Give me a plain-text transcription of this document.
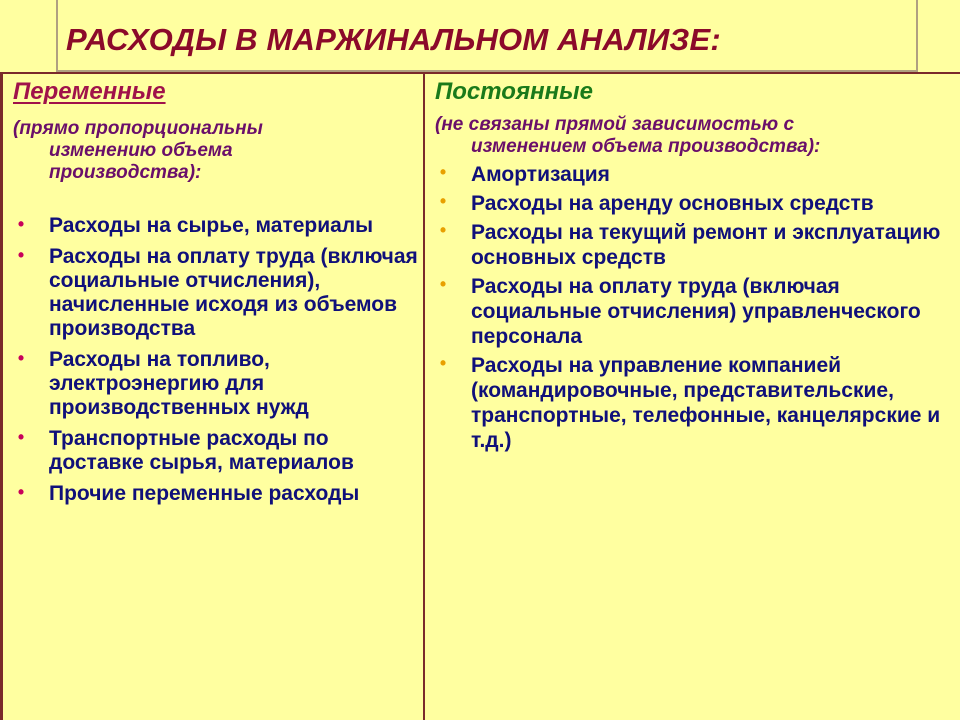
РАСХОДЫ В МАРЖИНАЛЬНОМ АНАЛИЗЕ:
Переменные

(прямо пропорциональны
изменению объема
производства):

•	Расходы на сырье, материалы
•	Расходы на оплату труда (включая социальные отчисления), начисленные исходя из объемов производства
•	Расходы на топливо, электроэнергию для производственных нужд
•	Транспортные расходы по доставке сырья, материалов
•	Прочие переменные расходы
Постоянные

(не связаны прямой зависимостью с
изменением объема производства):

•	Амортизация
•	Расходы на аренду основных средств
•	Расходы на текущий ремонт и эксплуатацию основных средств
•	Расходы на оплату труда (включая социальные отчисления) управленческого персонала
•	Расходы на управление компанией (командировочные, представительские, транспортные, телефонные, канцелярские и т.д.)
